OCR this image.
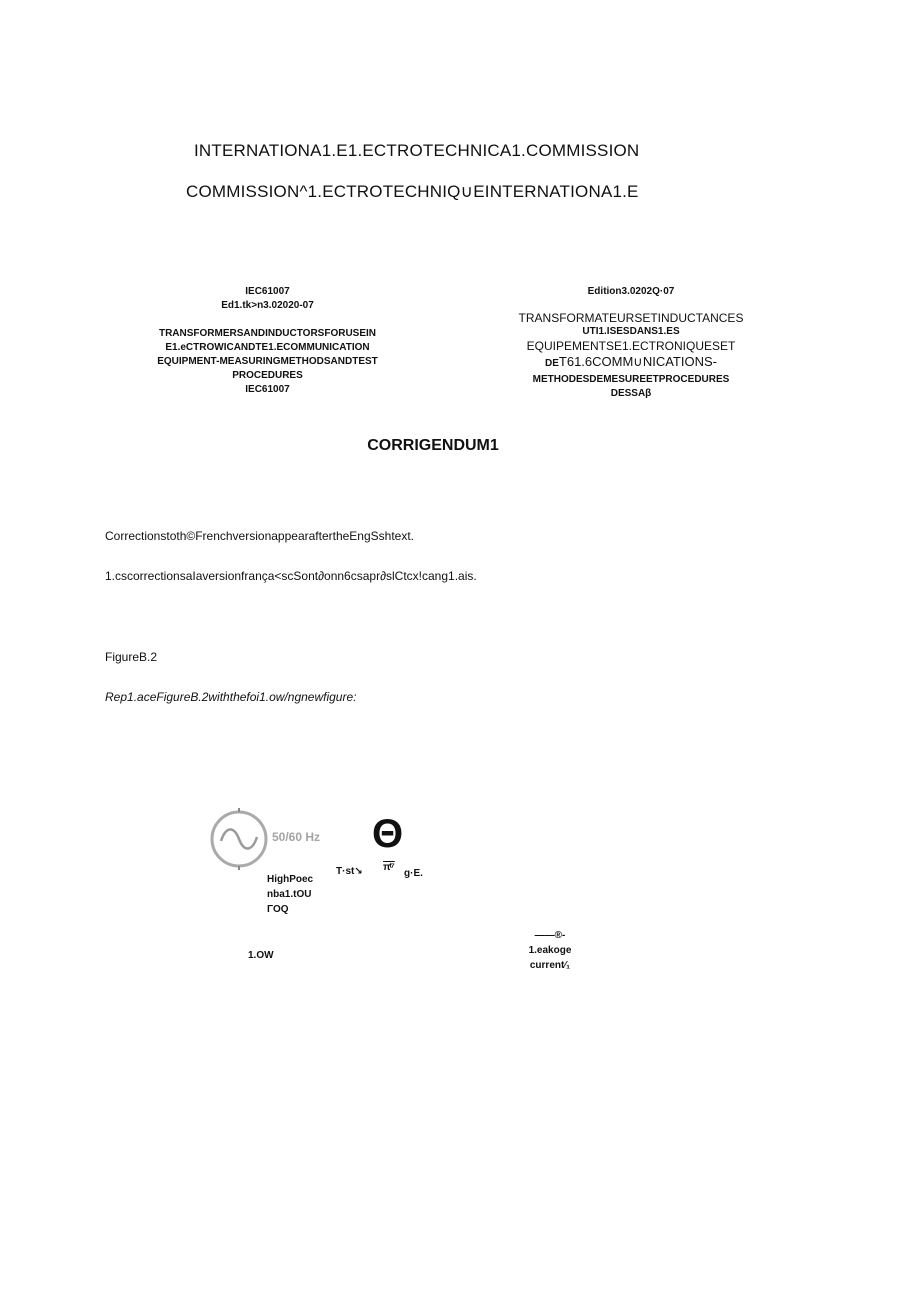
INTERNATIONA1.E1.ECTROTECHNICA1.COMMISSION
COMMISSION^1.ECTROTECHNIQ∪EINTERNATIONA1.E
IEC61007
Ed1.tk>n3.02020-07
TRANSFORMERSANDINDUCTORSFORUSEIN
E1.eCTROWICANDTE1.ECOMMUNICATION
EQUIPMENT-MEASURINGMETHODSANDTEST
PROCEDURES
IEC61007
Edition3.0202Q·07
TRANSFORMATEURSETINDUCTANCES
UTI1.ISESDANS1.ES
EQUIPEMENTSE1.ECTRONIQUESET
DET61.6COMM∪NICATIONS-
METHODESDEMESUREETPROCEDURES
DESSAβ
CORRIGENDUM1
Correctionstoth©FrenchversionappearaftertheEngSshtext.
1.cscorrectionsaIaversionfrança<scSont∂onn6csapr∂slCtcx!cang1.ais.
FigureB.2
Rep1.aceFigureB.2withthefoi1.ow/ngnewfigure:
50/60 Hz Θ
T·st↘ πͭ⁷
g·E.
HighPoec
nba1.tOU
ΓOQ
1.OW
——®-
1.eakoge
current⁄₁
